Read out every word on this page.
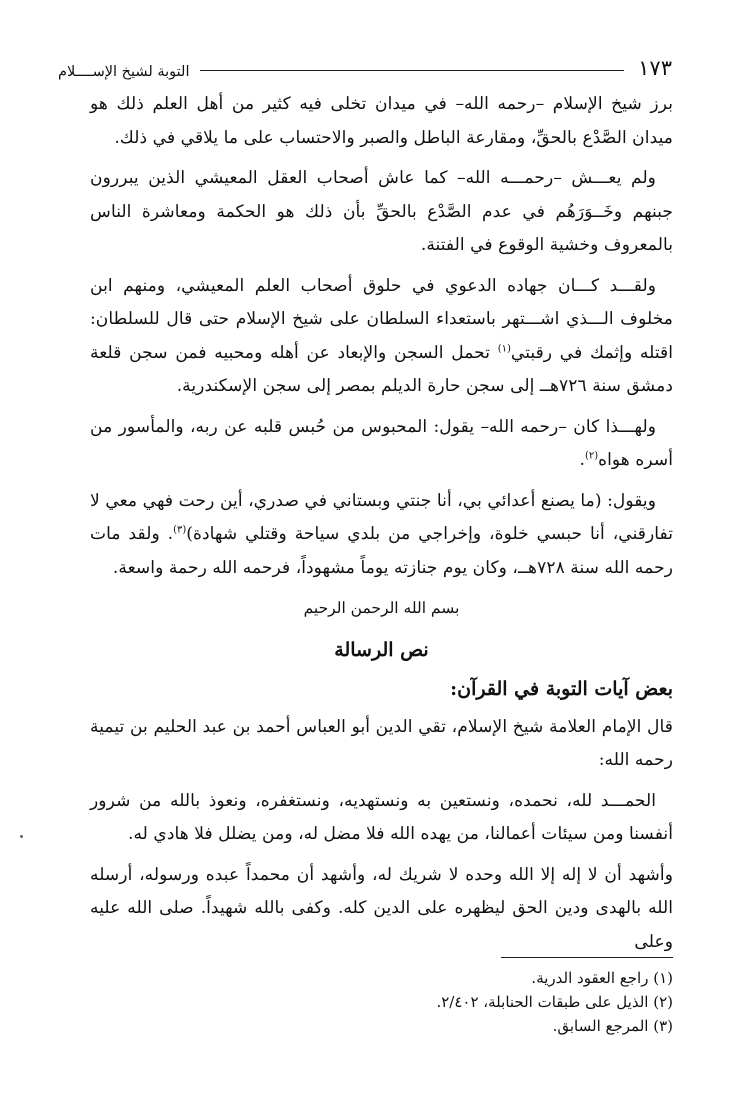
١٧٣
التوبة لشيخ الإســــلام

برز شيخ الإسلام –رحمه الله– في ميدان تخلى فيه كثير من أهل العلم ذلك هو ميدان الصَّدْع بالحقِّ، ومقارعة الباطل والصبر والاحتساب على ما يلاقي في ذلك.

ولم يعـــش –رحمـــه الله– كما عاش أصحاب العقل المعيشي الذين يبررون جبنهم وخَــوَرَهُم في عدم الصَّدْع بالحقِّ بأن ذلك هو الحكمة ومعاشرة الناس بالمعروف وخشية الوقوع في الفتنة.

ولقـــد كـــان جهاده الدعوي في حلوق أصحاب العلم المعيشي، ومنهم ابن مخلوف الـــذي اشـــتهر باستعداء السلطان على شيخ الإسلام حتى قال للسلطان: اقتله وإثمك في رقبتي$^{(١)}$ تحمل السجن والإبعاد عن أهله ومحبيه فمن سجن قلعة دمشق سنة ٧٢٦هــ إلى سجن حارة الديلم بمصر إلى سجن الإسكندرية.

ولهـــذا كان –رحمه الله– يقول: المحبوس من حُبس قلبه عن ربه، والمأسور من أسره هواه$^{(٢)}$.

ويقول: (ما يصنع أعدائي بي، أنا جنتي وبستاني في صدري، أين رحت فهي معي لا تفارقني، أنا حبسي خلوة، وإخراجي من بلدي سياحة وقتلي شهادة)$^{(٣)}$. ولقد مات رحمه الله سنة ٧٢٨هــ، وكان يوم جنازته يوماً مشهوداً، فرحمه الله رحمة واسعة.

بسم الله الرحمن الرحيم

نص الرسالة

بعض آيات التوبة في القرآن:

قال الإمام العلامة شيخ الإسلام، تقي الدين أبو العباس أحمد بن عبد الحليم بن تيمية رحمه الله:

الحمـــد لله، نحمده، ونستعين به ونستهديه، ونستغفره، ونعوذ بالله من شرور أنفسنا ومن سيئات أعمالنا، من يهده الله فلا مضل له، ومن يضلل فلا هادي له.

وأشهد أن لا إله إلا الله وحده لا شريك له، وأشهد أن محمداً عبده ورسوله، أرسله الله بالهدى ودين الحق ليظهره على الدين كله. وكفى بالله شهيداً. صلى الله عليه وعلى

(١) راجع العقود الدرية.

(٢) الذيل على طبقات الحنابلة، ٢/٤٠٢.

(٣) المرجع السابق.
